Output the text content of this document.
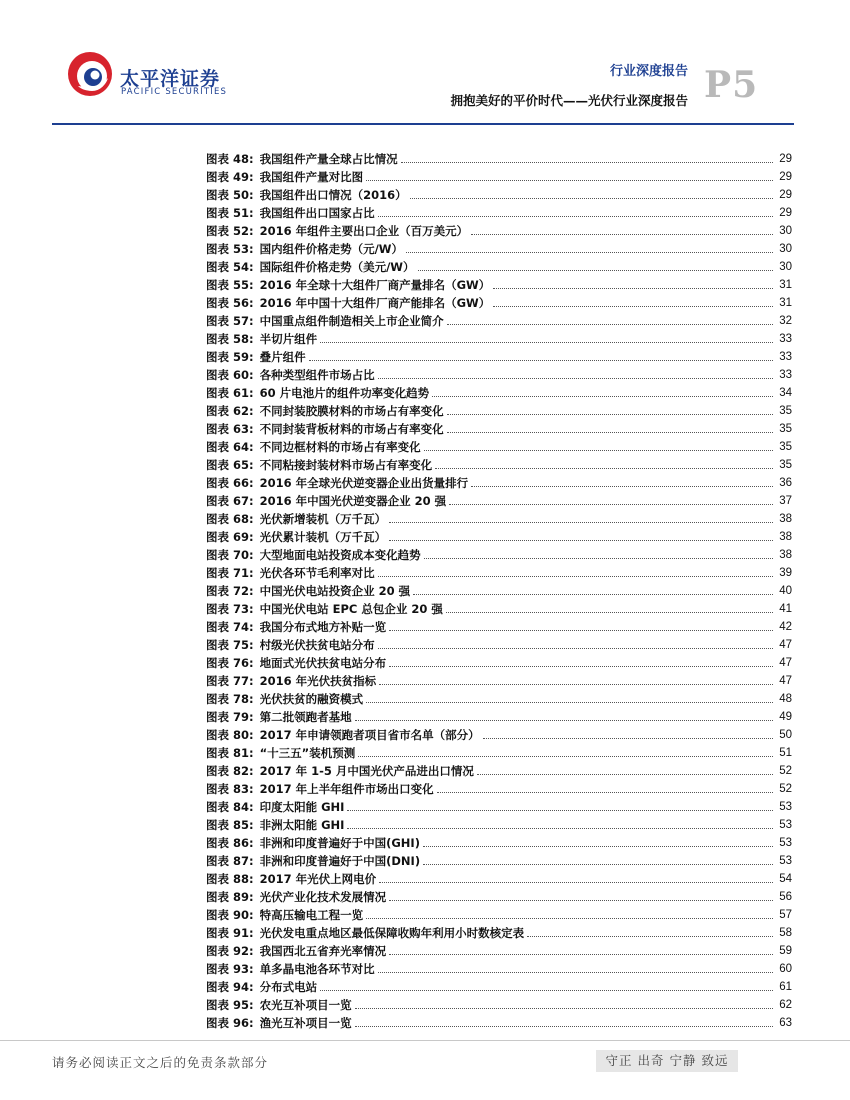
太平洋证券
PACIFIC SECURITIES
行业深度报告
拥抱美好的平价时代——光伏行业深度报告 P5
图表 48: 我国组件产量全球占比情况	29
图表 49: 我国组件产量对比图	29
图表 50: 我国组件出口情况（2016）	29
图表 51: 我国组件出口国家占比	29
图表 52: 2016 年组件主要出口企业（百万美元）	30
图表 53: 国内组件价格走势（元/W）	30
图表 54: 国际组件价格走势（美元/W）	30
图表 55: 2016 年全球十大组件厂商产量排名（GW）	31
图表 56: 2016 年中国十大组件厂商产能排名（GW）	31
图表 57: 中国重点组件制造相关上市企业简介	32
图表 58: 半切片组件	33
图表 59: 叠片组件	33
图表 60: 各种类型组件市场占比	33
图表 61: 60 片电池片的组件功率变化趋势	34
图表 62: 不同封装胶膜材料的市场占有率变化	35
图表 63: 不同封装背板材料的市场占有率变化	35
图表 64: 不同边框材料的市场占有率变化	35
图表 65: 不同粘接封装材料市场占有率变化	35
图表 66: 2016 年全球光伏逆变器企业出货量排行	36
图表 67: 2016 年中国光伏逆变器企业 20 强	37
图表 68: 光伏新增装机（万千瓦）	38
图表 69: 光伏累计装机（万千瓦）	38
图表 70: 大型地面电站投资成本变化趋势	38
图表 71: 光伏各环节毛利率对比	39
图表 72: 中国光伏电站投资企业 20 强	40
图表 73: 中国光伏电站 EPC 总包企业 20 强	41
图表 74: 我国分布式地方补贴一览	42
图表 75: 村级光伏扶贫电站分布	47
图表 76: 地面式光伏扶贫电站分布	47
图表 77: 2016 年光伏扶贫指标	47
图表 78: 光伏扶贫的融资模式	48
图表 79: 第二批领跑者基地	49
图表 80: 2017 年申请领跑者项目省市名单（部分）	50
图表 81: “十三五”装机预测	51
图表 82: 2017 年 1-5 月中国光伏产品进出口情况	52
图表 83: 2017 年上半年组件市场出口变化	52
图表 84: 印度太阳能 GHI	53
图表 85: 非洲太阳能 GHI	53
图表 86: 非洲和印度普遍好于中国(GHI)	53
图表 87: 非洲和印度普遍好于中国(DNI)	53
图表 88: 2017 年光伏上网电价	54
图表 89: 光伏产业化技术发展情况	56
图表 90: 特高压输电工程一览	57
图表 91: 光伏发电重点地区最低保障收购年利用小时数核定表	58
图表 92: 我国西北五省弃光率情况	59
图表 93: 单多晶电池各环节对比	60
图表 94: 分布式电站	61
图表 95: 农光互补项目一览	62
图表 96: 渔光互补项目一览	63
请务必阅读正文之后的免责条款部分	守正 出奇 宁静 致远
